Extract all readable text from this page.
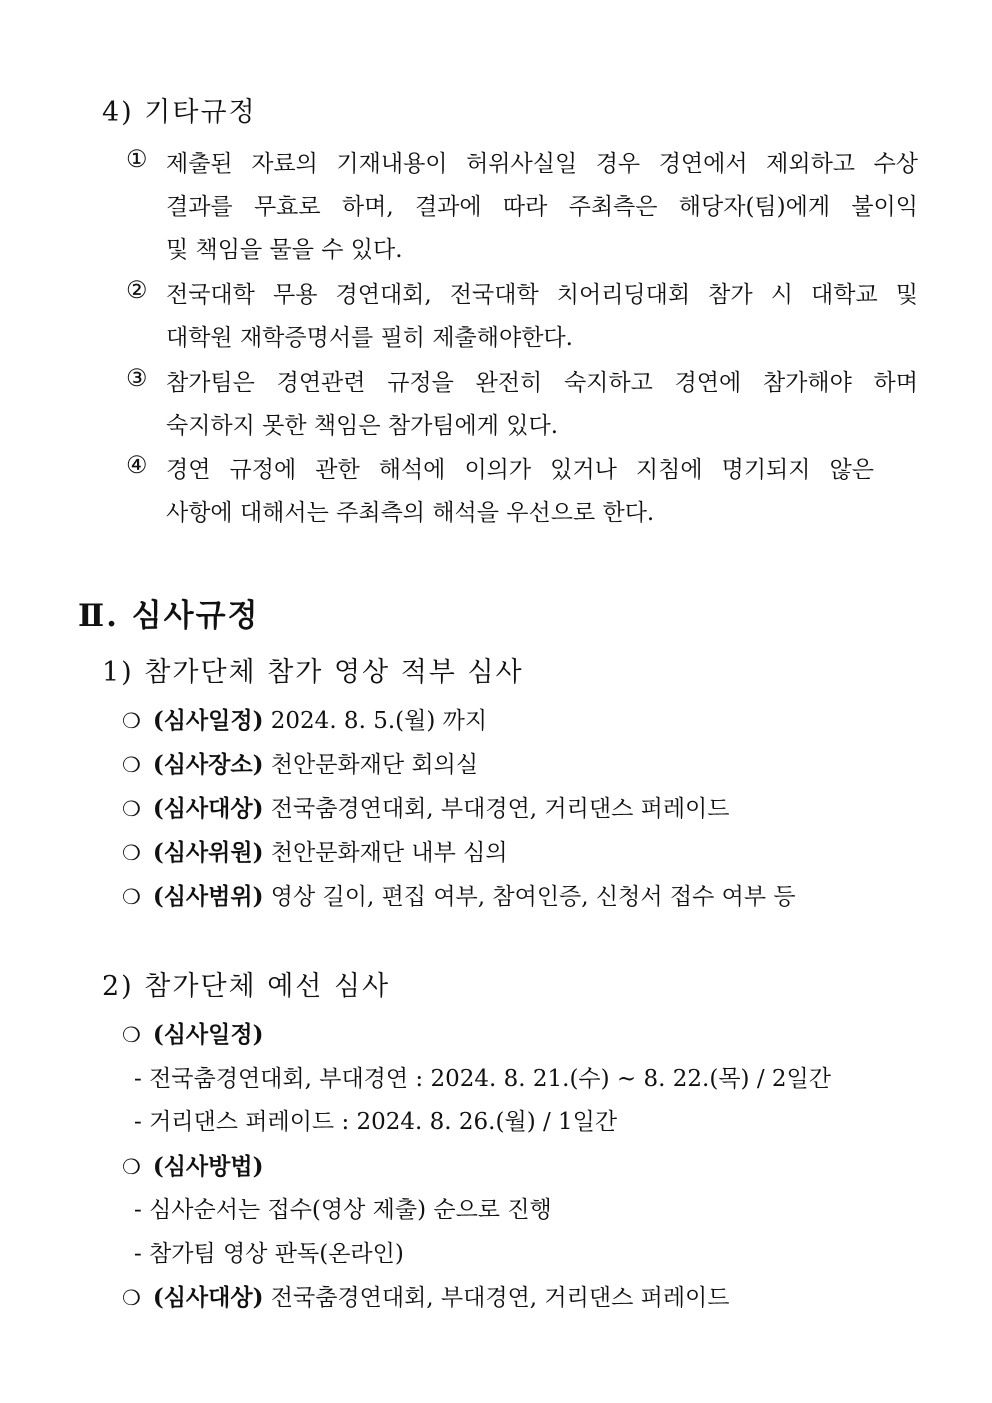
4) 기타규정
① 제출된 자료의 기재내용이 허위사실일 경우 경연에서 제외하고 수상
결과를 무효로 하며, 결과에 따라 주최측은 해당자(팀)에게 불이익
및 책임을 물을 수 있다.
② 전국대학 무용 경연대회, 전국대학 치어리딩대회 참가 시 대학교 및
대학원 재학증명서를 필히 제출해야한다.
③ 참가팀은 경연관련 규정을 완전히 숙지하고 경연에 참가해야 하며
숙지하지 못한 책임은 참가팀에게 있다.
④ 경연 규정에 관한 해석에 이의가 있거나 지침에 명기되지 않은
사항에 대해서는 주최측의 해석을 우선으로 한다.
Ⅱ. 심사규정
1) 참가단체 참가 영상 적부 심사
❍ (심사일정) 2024. 8. 5.(월) 까지
❍ (심사장소) 천안문화재단 회의실
❍ (심사대상) 전국춤경연대회, 부대경연, 거리댄스 퍼레이드
❍ (심사위원) 천안문화재단 내부 심의
❍ (심사범위) 영상 길이, 편집 여부, 참여인증, 신청서 접수 여부 등
2) 참가단체 예선 심사
❍ (심사일정)
- 전국춤경연대회, 부대경연 : 2024. 8. 21.(수) ~ 8. 22.(목) / 2일간
- 거리댄스 퍼레이드 : 2024. 8. 26.(월) / 1일간
❍ (심사방법)
- 심사순서는 접수(영상 제출) 순으로 진행
- 참가팀 영상 판독(온라인)
❍ (심사대상) 전국춤경연대회, 부대경연, 거리댄스 퍼레이드
